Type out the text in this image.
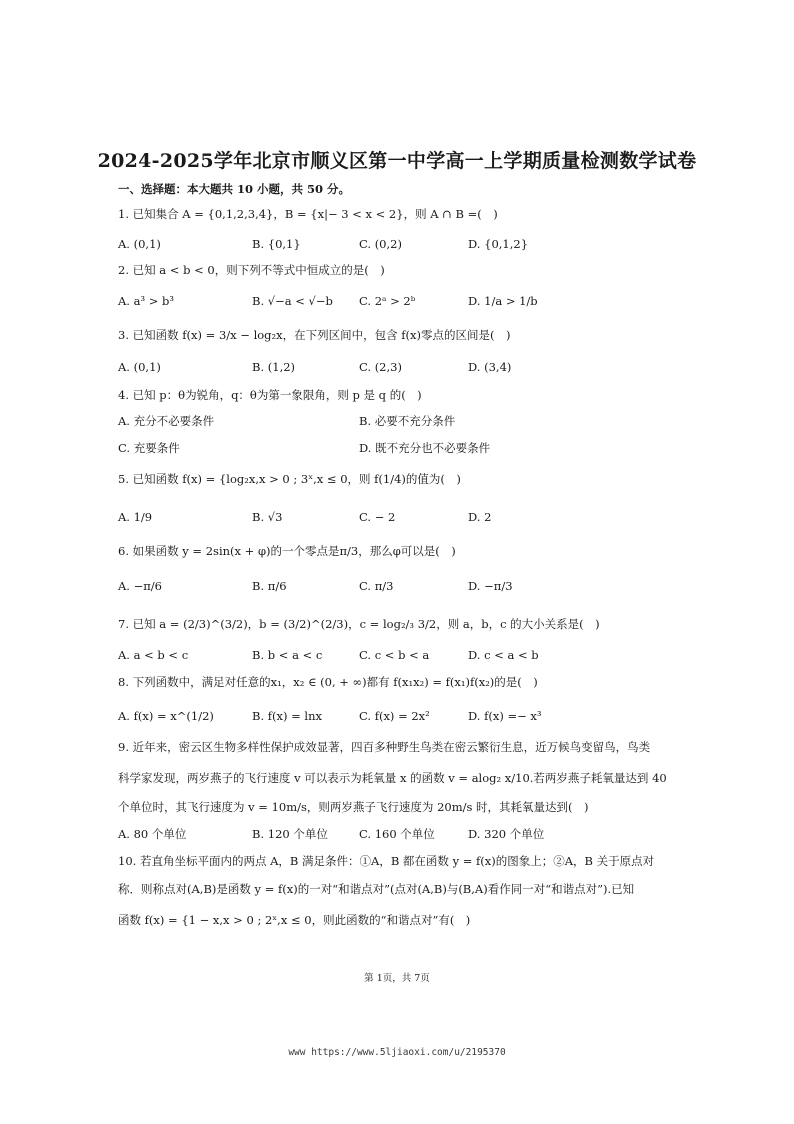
2024-2025学年北京市顺义区第一中学高一上学期质量检测数学试卷
一、选择题：本大题共 10 小题，共 50 分。
1. 已知集合 A = {0,1,2,3,4}，B = {x|− 3 < x < 2}，则 A ∩ B =(　)
A. (0,1)	B. {0,1}	C. (0,2)	D. {0,1,2}
2. 已知 a < b < 0，则下列不等式中恒成立的是(　)
A. a³ > b³	B. √−a < √−b C. 2ᵃ > 2ᵇ	D. 1/a > 1/b
3. 已知函数 f(x) = 3/x − log₂x，在下列区间中，包含 f(x)零点的区间是(　)
A. (0,1)	B. (1,2)	C. (2,3)	D. (3,4)
4. 已知 p：θ为锐角，q：θ为第一象限角，则 p 是 q 的(　)
A. 充分不必要条件	B. 必要不充分条件
C. 充要条件	D. 既不充分也不必要条件
5. 已知函数 f(x) = {log₂x,x > 0 ; 3ˣ,x ≤ 0，则 f(1/4)的值为(　)
A. 1/9	B. √3	C. − 2	D. 2
6. 如果函数 y = 2sin(x + φ)的一个零点是π/3，那么φ可以是(　)
A. −π/6	B. π/6	C. π/3	D. −π/3
7. 已知 a = (2/3)^(3/2)，b = (3/2)^(2/3)，c = log₂/₃ 3/2，则 a，b，c 的大小关系是(　)
A. a < b < c	B. b < a < c	C. c < b < a	D. c < a < b
8. 下列函数中，满足对任意的x₁，x₂ ∈ (0, + ∞)都有 f(x₁x₂) = f(x₁)f(x₂)的是(　)
A. f(x) = x^(1/2)	B. f(x) = lnx	C. f(x) = 2x²	D. f(x) =− x³
9. 近年来，密云区生物多样性保护成效显著，四百多种野生鸟类在密云繁衍生息，近万候鸟变留鸟，鸟类
科学家发现，两岁燕子的飞行速度 v 可以表示为耗氧量 x 的函数 v = alog₂ x/10.若两岁燕子耗氧量达到 40
个单位时，其飞行速度为 v = 10m/s，则两岁燕子飞行速度为 20m/s 时，其耗氧量达到(　)
A. 80 个单位	B. 120 个单位	C. 160 个单位	D. 320 个单位
10. 若直角坐标平面内的两点 A，B 满足条件：①A，B 都在函数 y = f(x)的图象上；②A，B 关于原点对
称．则称点对(A,B)是函数 y = f(x)的一对“和谐点对”(点对(A,B)与(B,A)看作同一对“和谐点对”).已知
函数 f(x) = {1 − x,x > 0 ; 2ˣ,x ≤ 0，则此函数的“和谐点对”有(　)
第 1页，共 7页
www https://www.5ljiaoxi.com/u/2195370
